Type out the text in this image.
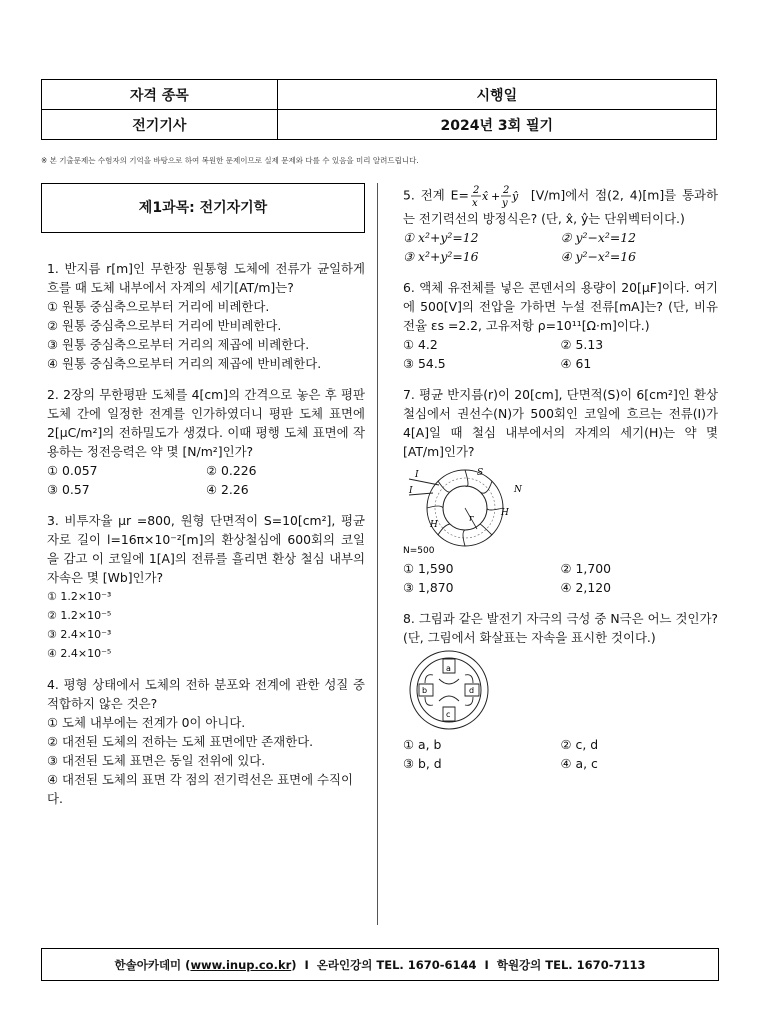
자격 종목	시행일
전기기사	2024년 3회 필기
※ 본 기출문제는 수험자의 기억을 바탕으로 하여 복원한 문제이므로 실제 문제와 다를 수 있음을 미리 알려드립니다.
제1과목: 전기자기학

1. 반지름 r[m]인 무한장 원통형 도체에 전류가 균일하게 흐를 때 도체 내부에서 자계의 세기[AT/m]는?

① 원통 중심축으로부터 거리에 비례한다.
② 원통 중심축으로부터 거리에 반비례한다.
③ 원통 중심축으로부터 거리의 제곱에 비례한다.
④ 원통 중심축으로부터 거리의 제곱에 반비례한다.

2. 2장의 무한평판 도체를 4[cm]의 간격으로 놓은 후 평판 도체 간에 일정한 전계를 인가하였더니 평판 도체 표면에 2[μC/m²]의 전하밀도가 생겼다. 이때 평행 도체 표면에 작용하는 정전응력은 약 몇 [N/m²]인가?

① 0.057	② 0.226
③ 0.57	④ 2.26

3. 비투자율 μr =800, 원형 단면적이 S=10[cm²], 평균 자로 길이 l=16π×10⁻²[m]의 환상철심에 600회의 코일을 감고 이 코일에 1[A]의 전류를 흘리면 환상 철심 내부의 자속은 몇 [Wb]인가?

① 1.2×10⁻³
② 1.2×10⁻⁵
③ 2.4×10⁻³
④ 2.4×10⁻⁵

4. 평형 상태에서 도체의 전하 분포와 전계에 관한 성질 중 적합하지 않은 것은?

① 도체 내부에는 전계가 0이 아니다.
② 대전된 도체의 전하는 도체 표면에만 존재한다.
③ 대전된 도체 표면은 동일 전위에 있다.
④ 대전된 도체의 표면 각 점의 전기력선은 표면에 수직이다.

5. 전계 E= 2
x
x̂ + 2
y
ŷ [V/m]에서 점(2, 4)[m]를 통과하는 전기력선의 방정식은? (단, x̂, ŷ는 단위벡터이다.)

① x²+y²=12	② y²−x²=12
③ x²+y²=16	④ y²−x²=16

6. 액체 유전체를 넣은 콘덴서의 용량이 20[μF]이다. 여기에 500[V]의 전압을 가하면 누설 전류[mA]는? (단, 비유전율 εs =2.2, 고유저항 ρ=10¹¹[Ω·m]이다.)

① 4.2	② 5.13
③ 54.5	④ 61

7. 평균 반지름(r)이 20[cm], 단면적(S)이 6[cm²]인 환상 철심에서 권선수(N)가 500회인 코일에 흐르는 전류(I)가 4[A]일 때 철심 내부에서의 자계의 세기(H)는 약 몇 [AT/m]인가?

I
I
S
N
H
H
r
N=500
① 1,590	② 1,700
③ 1,870	④ 2,120

8. 그림과 같은 발전기 자극의 극성 중 N극은 어느 것인가? (단, 그림에서 화살표는 자속을 표시한 것이다.)

a
c
b	d
① a, b	② c, d
③ b, d	④ a, c
한솔아카데미 ( www.inup.co.kr )  I  온라인강의 TEL. 1670-6144  I  학원강의 TEL. 1670-7113
